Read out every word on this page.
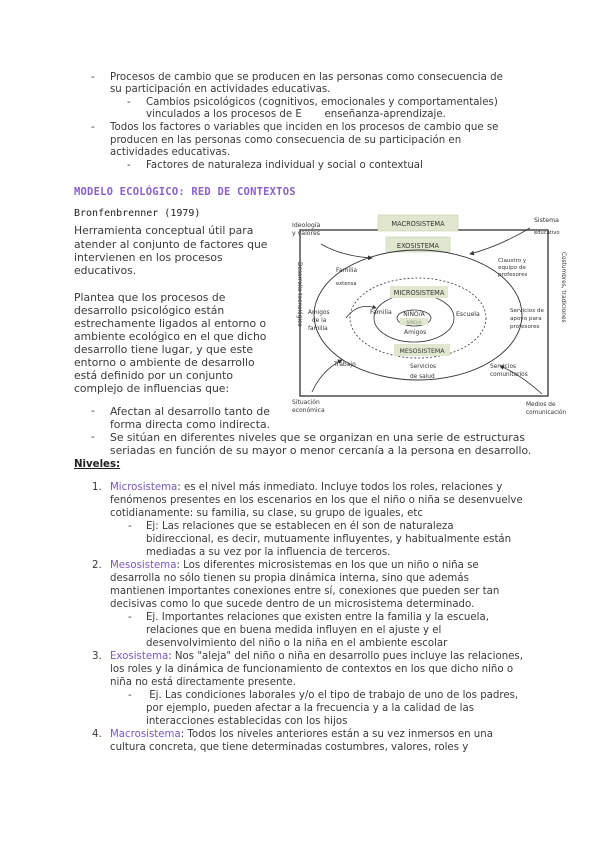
- Procesos de cambio que se producen en las personas como consecuencia de
su participación en actividades educativas.
- Cambios psicológicos (cognitivos, emocionales y comportamentales)
vinculados a los procesos de E       enseñanza-aprendizaje.
- Todos los factores o variables que inciden en los procesos de cambio que se
producen en las personas como consecuencia de su participación en
actividades educativas.
- Factores de naturaleza individual y social o contextual
MODELO ECOLÓGICO: RED DE CONTEXTOS
Bronfenbrenner (1979)
Herramienta conceptual útil para
atender al conjunto de factores que
intervienen en los procesos
educativos.
Plantea que los procesos de
desarrollo psicológico están
estrechamente ligados al entorno o
ambiente ecológico en el que dicho
desarrollo tiene lugar, y que este
entorno o ambiente de desarrollo
está definido por un conjunto
complejo de influencias que:
MACROSISTEMA
EXOSISTEMA
MICROSISTEMA
MESOSISTEMA
NIÑO/A
NIÑO/A
Ideología
y valores
Sistema
educativo
Familia
extensa
Claustro y
equipo de
profesores
Desarrollo tecnológico	Costumbres, tradiciones
Amigos
de la
familia
Familia	Escuela
Amigos
Servicios de
apoyo para
profesores
Trabajo	Servicios
de salud
Servicios
comunitarios
Situación
económica
Medios de
comunicación
- Afectan al desarrollo tanto de
forma directa como indirecta.
- Se sitúan en diferentes niveles que se organizan en una serie de estructuras
seriadas en función de su mayor o menor cercanía a la persona en desarrollo.
Niveles:
1. Microsistema: es el nivel más inmediato. Incluye todos los roles, relaciones y
fenómenos presentes en los escenarios en los que el niño o niña se desenvuelve
cotidianamente: su familia, su clase, su grupo de iguales, etc
- Ej: Las relaciones que se establecen en él son de naturaleza
bidireccional, es decir, mutuamente influyentes, y habitualmente están
mediadas a su vez por la influencia de terceros.
2. Mesosistema: Los diferentes microsistemas en los que un niño o niña se
desarrolla no sólo tienen su propia dinámica interna, sino que además
mantienen importantes conexiones entre sí, conexiones que pueden ser tan
decisivas como lo que sucede dentro de un microsistema determinado.
- Ej. Importantes relaciones que existen entre la familia y la escuela,
relaciones que en buena medida influyen en el ajuste y el
desenvolvimiento del niño o la niña en el ambiente escolar
3. Exosistema: Nos "aleja" del niño o niña en desarrollo pues incluye las relaciones,
los roles y la dinámica de funcionamiento de contextos en los que dicho niño o
niña no está directamente presente.
- Ej. Las condiciones laborales y/o el tipo de trabajo de uno de los padres,
por ejemplo, pueden afectar a la frecuencia y a la calidad de las
interacciones establecidas con los hijos
4. Macrosistema: Todos los niveles anteriores están a su vez inmersos en una
cultura concreta, que tiene determinadas costumbres, valores, roles y
